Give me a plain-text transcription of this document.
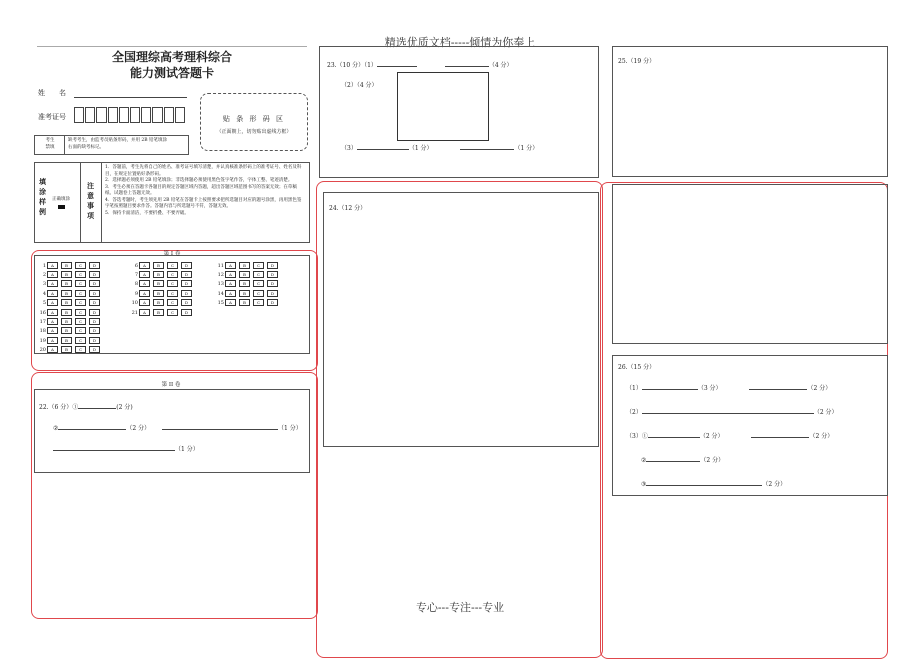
精选优质文档-----倾情为你奉上
专心---专注---专业
全国理综高考理科综合
能力测试答题卡
姓　　名
准考证号	贴 条 形 码 区
（正面朝上，切勿贴出虚线方框）
考生
禁填
缺考考生，由监考员贴条形码，并用 2B 铅笔填涂
右面的缺考标记。
填
涂
样
例
正确填涂
注
意
事
项
1．答题前，考生先将自己的姓名、准考证号填写清楚，并认真核准条形码上的准考证号、姓名及科目，在规定位置贴好条形码。
2．选择题必须使用 2B 铅笔填涂；非选择题必须使用黑色签字笔作答，字体工整、笔迹清楚。
3．考生必须在答题卡各题目的规定答题区域内答题，超出答题区域范围书写的答案无效；在草稿纸、试题卷上答题无效。
4．答选考题时，考生须先用 2B 铅笔在答题卡上按照要求把所选题目对应的题号涂黑，再用黑色签字笔按照题目要求作答。答题内容与所选题号不符，答题无效。
5．保持卡面清洁，不要折叠、不要弄破。
第 I 卷
1 A	B	C	D
2 A	B	C	D
3 A	B	C	D
4 A	B	C	D
5 A	B	C	D
6 A	B	C	D
7 A	B	C	D
8 A	B	C	D
9 A	B	C	D
10 A	B	C	D
11 A	B	C	D
12 A	B	C	D
13 A	B	C	D
14 A	B	C	D
15 A	B	C	D
16 A	B	C	D
17 A	B	C	D
18 A	B	C	D
19 A	B	C	D
20 A	B	C	D
21 A	B	C	D
第 II 卷
22.（6 分）①	(2 分)
②	（2 分）	（1 分）
（1 分）
23.（10 分）（1）	（4 分）
（2）（4 分）
（3）	（1 分）	（1 分）
24.（12 分）
25.（19 分）
26.（15 分）
（1）	（3 分）	（2 分）
（2）	（2 分）
（3）①	（2 分）	（2 分）
②	（2 分）
③	（2 分）
